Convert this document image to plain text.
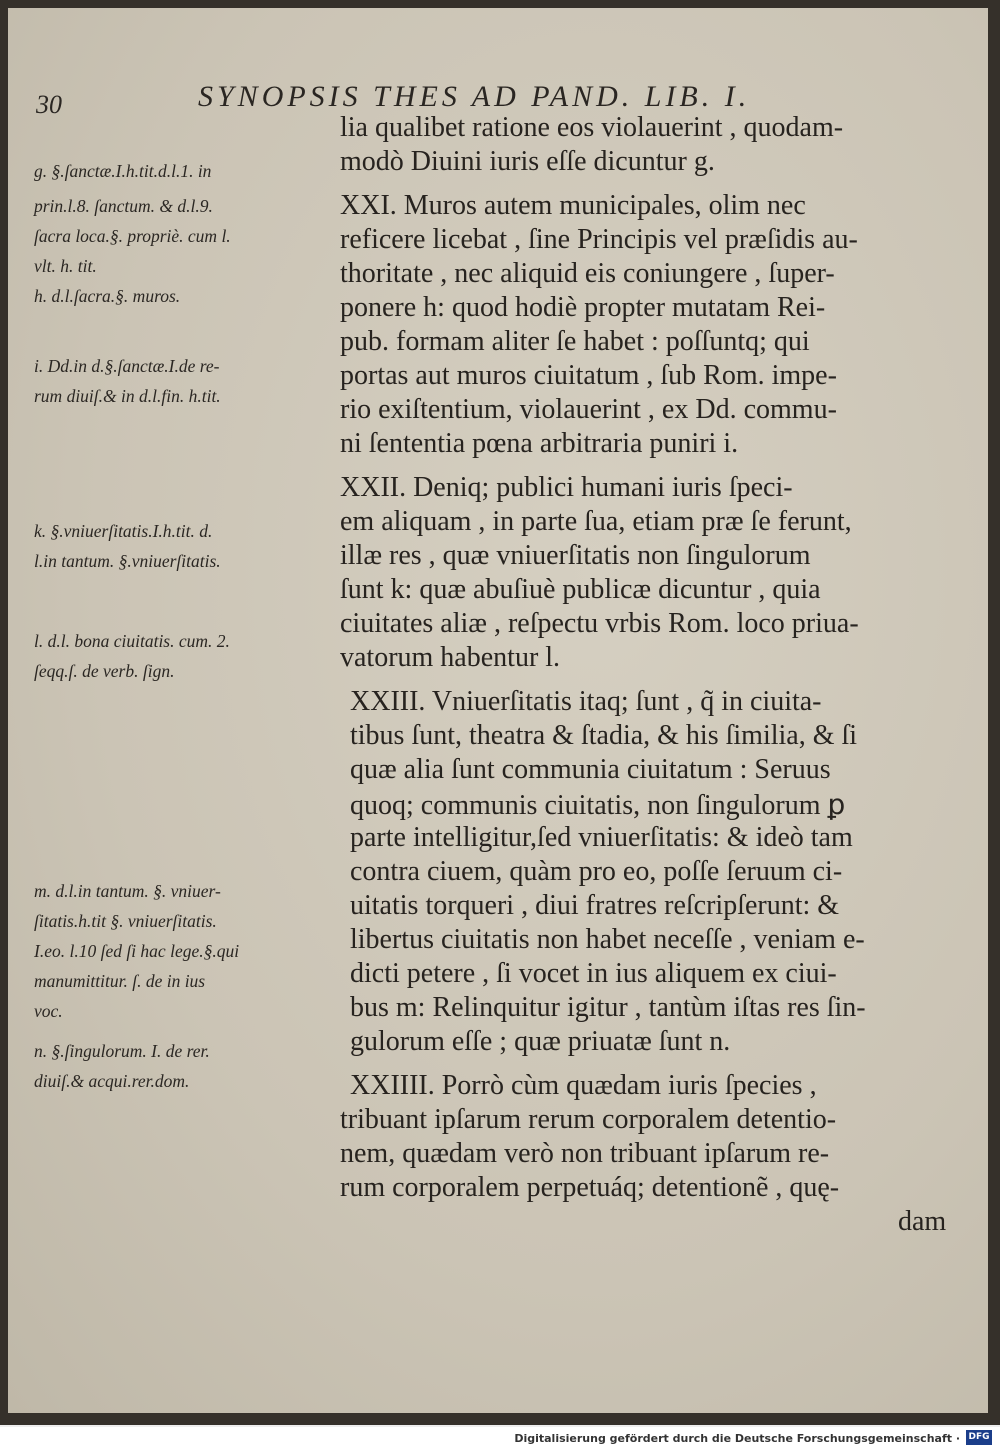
30	SYNOPSIS THES AD PAND. LIB. I.
g. §.ſanctæ.I.h.tit.d.l.1. in
prin.l.8. ſanctum. & d.l.9.
ſacra loca.§. propriè. cum l.
vlt. h. tit.
h. d.l.ſacra.§. muros.
i. Dd.in d.§.ſanctæ.I.de re-
rum diuiſ.& in d.l.fin. h.tit.
k. §.vniuerſitatis.I.h.tit. d.
l.in tantum. §.vniuerſitatis.
l. d.l. bona ciuitatis. cum. 2.
ſeqq.ſ. de verb. ſign.
m. d.l.in tantum. §. vniuer-
ſitatis.h.tit §. vniuerſitatis.
I.eo. l.10 ſed ſi hac lege.§.qui
manumittitur. ſ. de in ius
voc.
n. §.ſingulorum. I. de rer.
diuiſ.& acqui.rer.dom.
lia qualibet ratione eos violauerint , quodam-
modò Diuini iuris eſſe dicuntur g.
XXI. Muros autem municipales, olim nec
reficere licebat , ſine Principis vel præſidis au-
thoritate , nec aliquid eis coniungere , ſuper-
ponere h: quod hodiè propter mutatam Rei-
pub. formam aliter ſe habet : poſſuntq; qui
portas aut muros ciuitatum , ſub Rom. impe-
rio exiſtentium, violauerint , ex Dd. commu-
ni ſententia pœna arbitraria puniri i.
XXII. Deniq; publici humani iuris ſpeci-
em aliquam , in parte ſua, etiam præ ſe ferunt,
illæ res , quæ vniuerſitatis non ſingulorum
ſunt k: quæ abuſiuè publicæ dicuntur , quia
ciuitates aliæ , reſpectu vrbis Rom. loco priua-
vatorum habentur l.
XXIII. Vniuerſitatis itaq; ſunt , q̃ in ciuita-
tibus ſunt, theatra & ſtadia, & his ſimilia, & ſi
quæ alia ſunt communia ciuitatum : Seruus
quoq; communis ciuitatis, non ſingulorum ꝑ
parte intelligitur,ſed vniuerſitatis: & ideò tam
contra ciuem, quàm pro eo, poſſe ſeruum ci-
uitatis torqueri , diui fratres reſcripſerunt: &
libertus ciuitatis non habet neceſſe , veniam e-
dicti petere , ſi vocet in ius aliquem ex ciui-
bus m: Relinquitur igitur , tantùm iſtas res ſin-
gulorum eſſe ; quæ priuatæ ſunt n.
XXIIII. Porrò cùm quædam iuris ſpecies ,
tribuant ipſarum rerum corporalem detentio-
nem, quædam verò non tribuant ipſarum re-
rum corporalem perpetuáq; detentionẽ , quę-
dam
Digitalisierung gefördert durch die Deutsche Forschungsgemeinschaft · DFG
